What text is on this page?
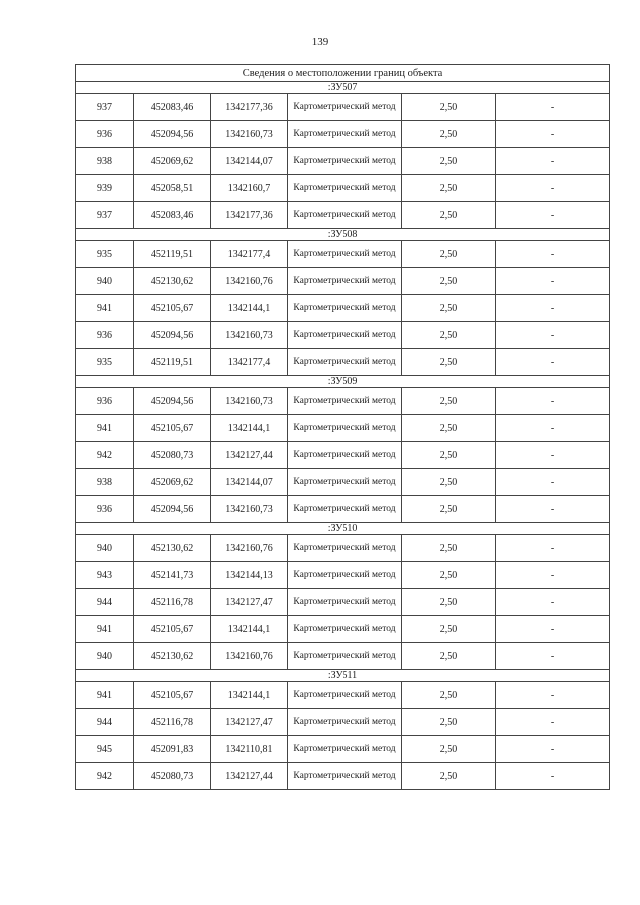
139
Сведения о местоположении границ объекта					
:ЗУ507					
937	452083,46	1342177,36	Картометрический метод	2,50	-
936	452094,56	1342160,73	Картометрический метод	2,50	-
938	452069,62	1342144,07	Картометрический метод	2,50	-
939	452058,51	1342160,7	Картометрический метод	2,50	-
937	452083,46	1342177,36	Картометрический метод	2,50	-
:ЗУ508					
935	452119,51	1342177,4	Картометрический метод	2,50	-
940	452130,62	1342160,76	Картометрический метод	2,50	-
941	452105,67	1342144,1	Картометрический метод	2,50	-
936	452094,56	1342160,73	Картометрический метод	2,50	-
935	452119,51	1342177,4	Картометрический метод	2,50	-
:ЗУ509					
936	452094,56	1342160,73	Картометрический метод	2,50	-
941	452105,67	1342144,1	Картометрический метод	2,50	-
942	452080,73	1342127,44	Картометрический метод	2,50	-
938	452069,62	1342144,07	Картометрический метод	2,50	-
936	452094,56	1342160,73	Картометрический метод	2,50	-
:ЗУ510					
940	452130,62	1342160,76	Картометрический метод	2,50	-
943	452141,73	1342144,13	Картометрический метод	2,50	-
944	452116,78	1342127,47	Картометрический метод	2,50	-
941	452105,67	1342144,1	Картометрический метод	2,50	-
940	452130,62	1342160,76	Картометрический метод	2,50	-
:ЗУ511					
941	452105,67	1342144,1	Картометрический метод	2,50	-
944	452116,78	1342127,47	Картометрический метод	2,50	-
945	452091,83	1342110,81	Картометрический метод	2,50	-
942	452080,73	1342127,44	Картометрический метод	2,50	-
